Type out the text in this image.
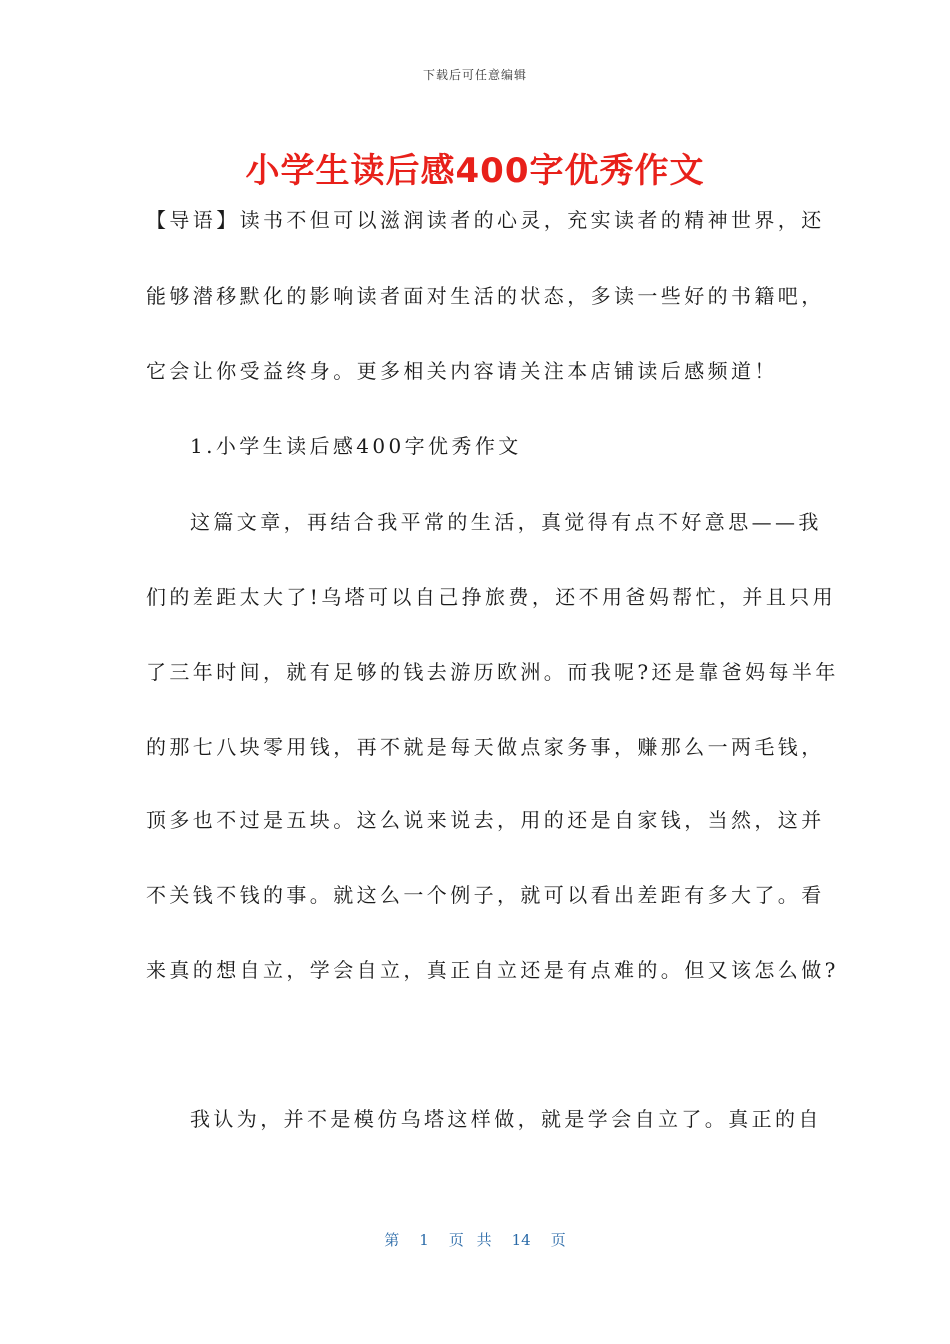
下载后可任意编辑
小学生读后感400字优秀作文
【导语】读书不但可以滋润读者的心灵，充实读者的精神世界，还
能够潜移默化的影响读者面对生活的状态，多读一些好的书籍吧，
它会让你受益终身。更多相关内容请关注本店铺读后感频道！
1.小学生读后感400字优秀作文
这篇文章，再结合我平常的生活，真觉得有点不好意思——我
们的差距太大了!乌塔可以自己挣旅费，还不用爸妈帮忙，并且只用
了三年时间，就有足够的钱去游历欧洲。而我呢?还是靠爸妈每半年
的那七八块零用钱，再不就是每天做点家务事，赚那么一两毛钱，
顶多也不过是五块。这么说来说去，用的还是自家钱，当然，这并
不关钱不钱的事。就这么一个例子，就可以看出差距有多大了。看
来真的想自立，学会自立，真正自立还是有点难的。但又该怎么做?
我认为，并不是模仿乌塔这样做，就是学会自立了。真正的自
第 1 页 共 14 页
